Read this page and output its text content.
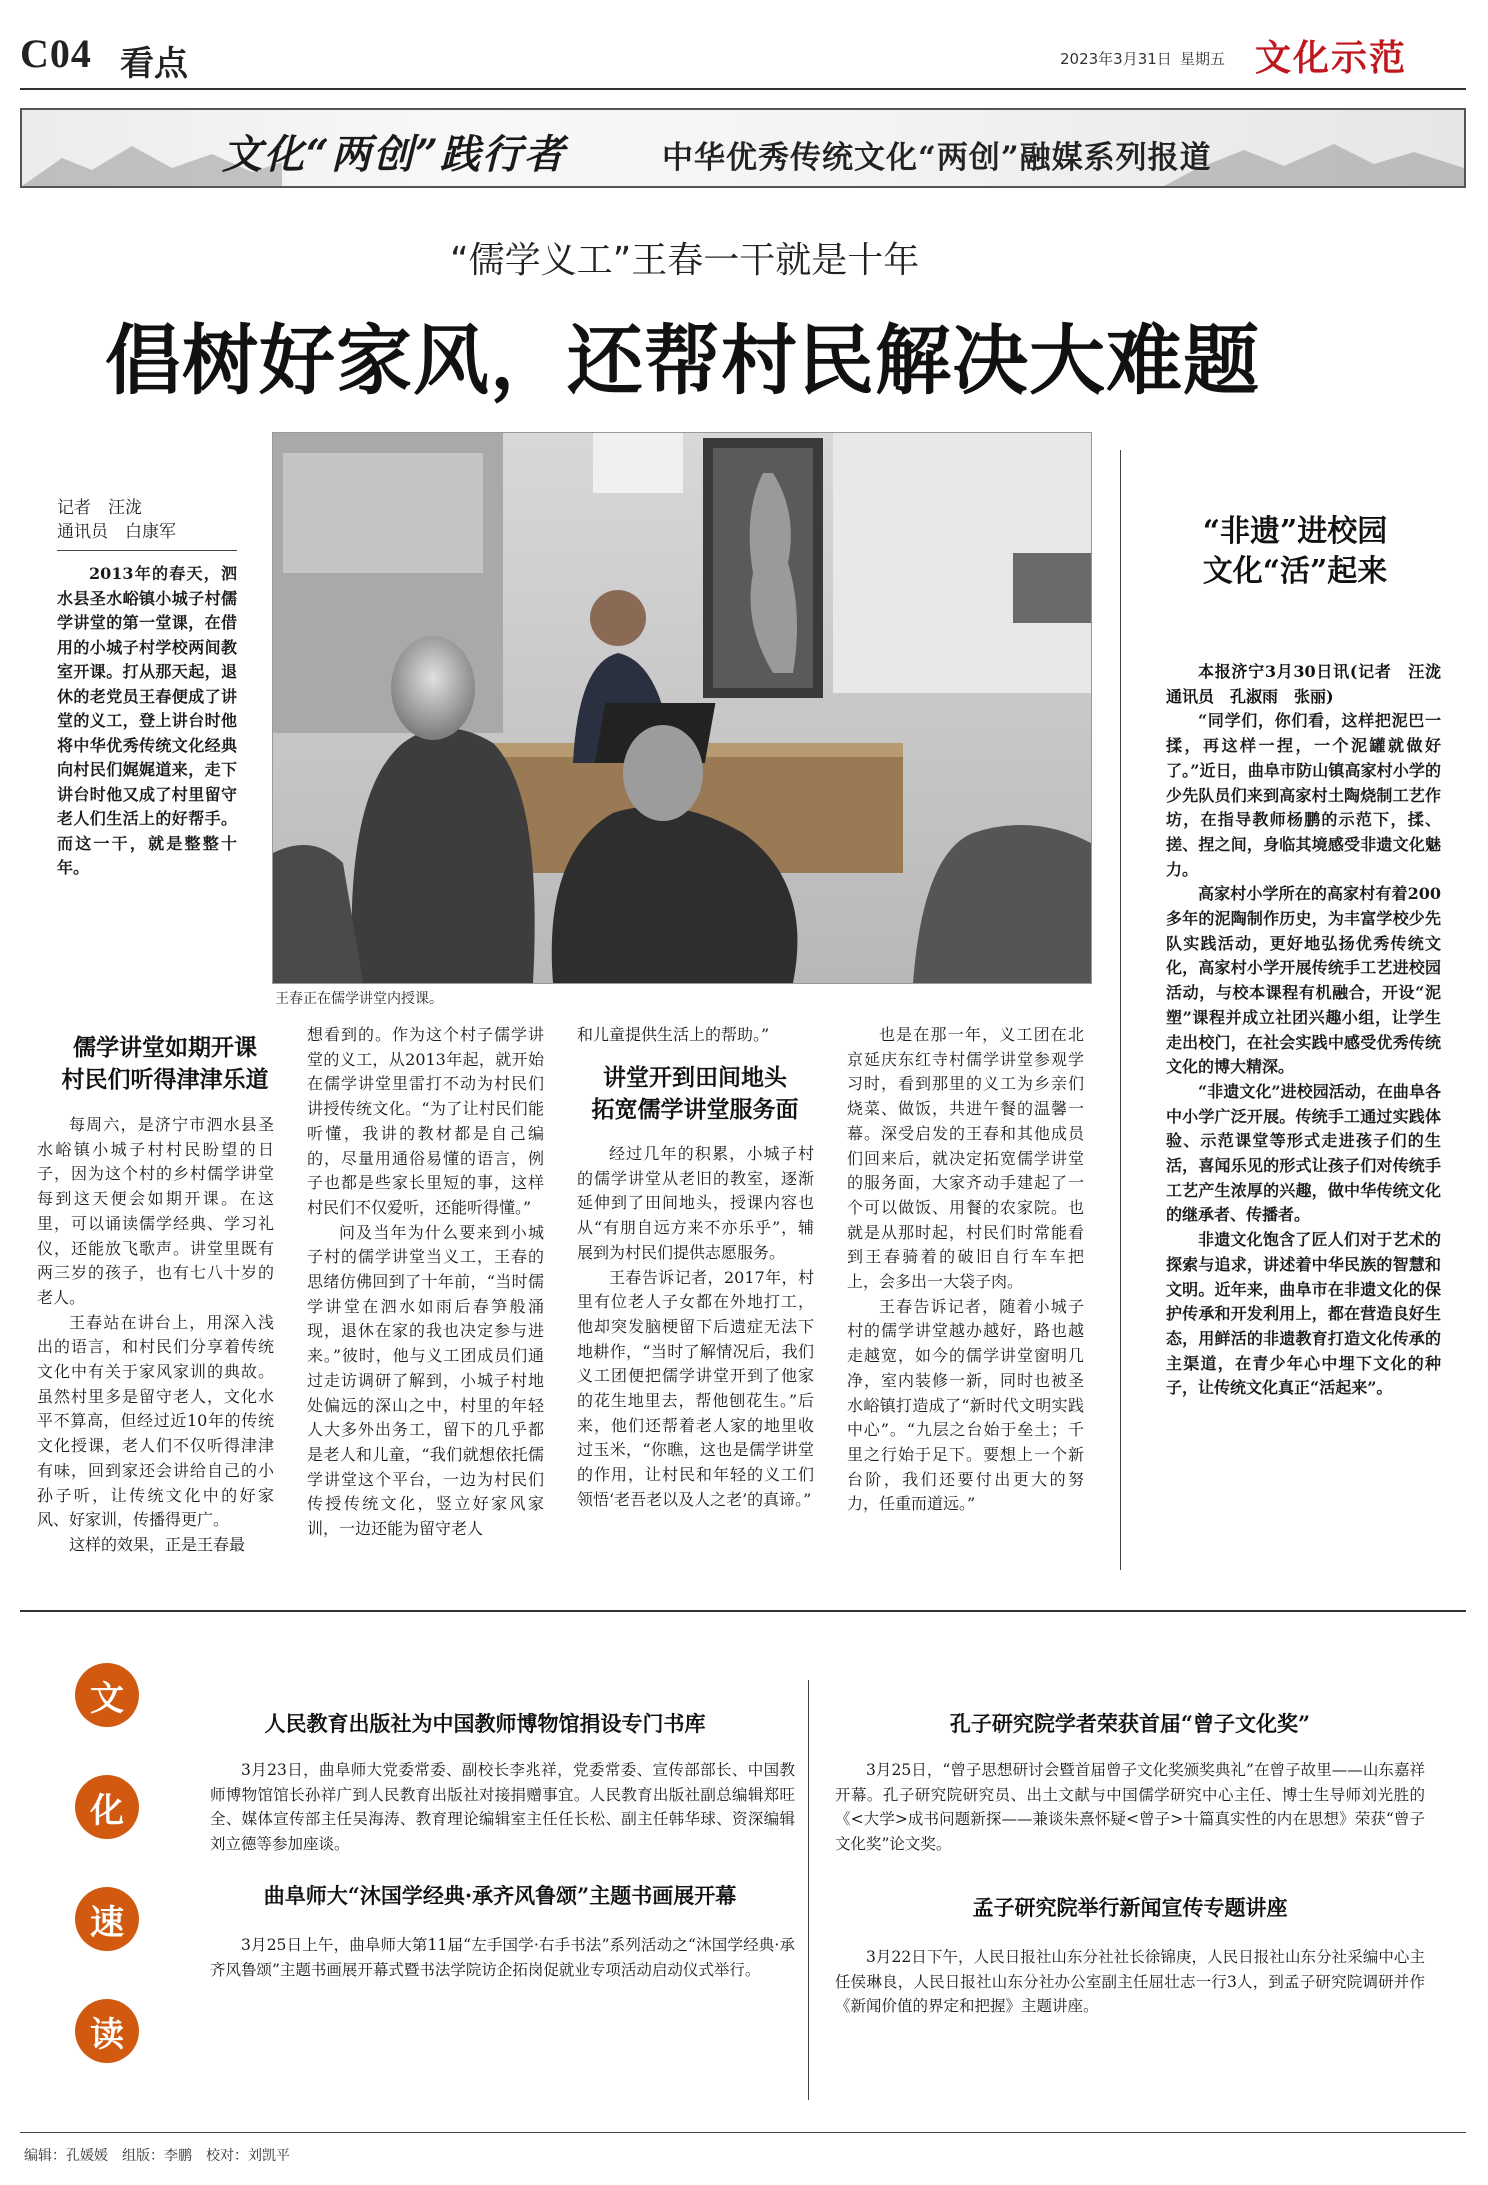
C04 看点	2023年3月31日 星期五 文化示范
文化“两创”践行者	中华优秀传统文化“两创”融媒系列报道
“儒学义工”王春一干就是十年
倡树好家风，还帮村民解决大难题
记者　汪泷
通讯员　白康军
2013年的春天，泗水县圣水峪镇小城子村儒学讲堂的第一堂课，在借用的小城子村学校两间教室开课。打从那天起，退休的老党员王春便成了讲堂的义工，登上讲台时他将中华优秀传统文化经典向村民们娓娓道来，走下讲台时他又成了村里留守老人们生活上的好帮手。而这一干，就是整整十年。
王春正在儒学讲堂内授课。
儒学讲堂如期开课
村民们听得津津乐道

每周六，是济宁市泗水县圣水峪镇小城子村村民盼望的日子，因为这个村的乡村儒学讲堂每到这天便会如期开课。在这里，可以诵读儒学经典、学习礼仪，还能放飞歌声。讲堂里既有两三岁的孩子，也有七八十岁的老人。

王春站在讲台上，用深入浅出的语言，和村民们分享着传统文化中有关于家风家训的典故。虽然村里多是留守老人，文化水平不算高，但经过近10年的传统文化授课，老人们不仅听得津津有味，回到家还会讲给自己的小孙子听，让传统文化中的好家风、好家训，传播得更广。

这样的效果，正是王春最

想看到的。作为这个村子儒学讲堂的义工，从2013年起，就开始在儒学讲堂里雷打不动为村民们讲授传统文化。“为了让村民们能听懂，我讲的教材都是自己编的，尽量用通俗易懂的语言，例子也都是些家长里短的事，这样村民们不仅爱听，还能听得懂。”

问及当年为什么要来到小城子村的儒学讲堂当义工，王春的思绪仿佛回到了十年前，“当时儒学讲堂在泗水如雨后春笋般涌现，退休在家的我也决定参与进来。”彼时，他与义工团成员们通过走访调研了解到，小城子村地处偏远的深山之中，村里的年轻人大多外出务工，留下的几乎都是老人和儿童，“我们就想依托儒学讲堂这个平台，一边为村民们传授传统文化，竖立好家风家训，一边还能为留守老人

和儿童提供生活上的帮助。”

讲堂开到田间地头
拓宽儒学讲堂服务面

经过几年的积累，小城子村的儒学讲堂从老旧的教室，逐渐延伸到了田间地头，授课内容也从“有朋自远方来不亦乐乎”，辅展到为村民们提供志愿服务。

王春告诉记者，2017年，村里有位老人子女都在外地打工，他却突发脑梗留下后遗症无法下地耕作，“当时了解情况后，我们义工团便把儒学讲堂开到了他家的花生地里去，帮他刨花生。”后来，他们还帮着老人家的地里收过玉米，“你瞧，这也是儒学讲堂的作用，让村民和年轻的义工们领悟‘老吾老以及人之老’的真谛。”

也是在那一年，义工团在北京延庆东红寺村儒学讲堂参观学习时，看到那里的义工为乡亲们烧菜、做饭，共进午餐的温馨一幕。深受启发的王春和其他成员们回来后，就决定拓宽儒学讲堂的服务面，大家齐动手建起了一个可以做饭、用餐的农家院。也就是从那时起，村民们时常能看到王春骑着的破旧自行车车把上，会多出一大袋子肉。

王春告诉记者，随着小城子村的儒学讲堂越办越好，路也越走越宽，如今的儒学讲堂窗明几净，室内装修一新，同时也被圣水峪镇打造成了“新时代文明实践中心”。“九层之台始于垒土；千里之行始于足下。要想上一个新台阶，我们还要付出更大的努力，任重而道远。”

“非遗”进校园
文化“活”起来
本报济宁3月30日讯(记者　汪泷　通讯员　孔淑雨　张丽)

“同学们，你们看，这样把泥巴一揉，再这样一捏，一个泥罐就做好了。”近日，曲阜市防山镇高家村小学的少先队员们来到高家村土陶烧制工艺作坊，在指导教师杨鹏的示范下，揉、搓、捏之间，身临其境感受非遗文化魅力。

高家村小学所在的高家村有着200多年的泥陶制作历史，为丰富学校少先队实践活动，更好地弘扬优秀传统文化，高家村小学开展传统手工艺进校园活动，与校本课程有机融合，开设“泥塑”课程并成立社团兴趣小组，让学生走出校门，在社会实践中感受优秀传统文化的博大精深。

“非遗文化”进校园活动，在曲阜各中小学广泛开展。传统手工通过实践体验、示范课堂等形式走进孩子们的生活，喜闻乐见的形式让孩子们对传统手工艺产生浓厚的兴趣，做中华传统文化的继承者、传播者。

非遗文化饱含了匠人们对于艺术的探索与追求，讲述着中华民族的智慧和文明。近年来，曲阜市在非遗文化的保护传承和开发利用上，都在营造良好生态，用鲜活的非遗教育打造文化传承的主渠道，在青少年心中埋下文化的种子，让传统文化真正“活起来”。

文
化
速
读
人民教育出版社为中国教师博物馆捐设专门书库

3月23日，曲阜师大党委常委、副校长李兆祥，党委常委、宣传部部长、中国教师博物馆馆长孙祥广到人民教育出版社对接捐赠事宜。人民教育出版社副总编辑郑旺全、媒体宣传部主任吴海涛、教育理论编辑室主任任长松、副主任韩华球、资深编辑刘立德等参加座谈。

曲阜师大“沐国学经典·承齐风鲁颂”主题书画展开幕

3月25日上午，曲阜师大第11届“左手国学·右手书法”系列活动之“沐国学经典·承齐风鲁颂”主题书画展开幕式暨书法学院访企拓岗促就业专项活动启动仪式举行。

孔子研究院学者荣获首届“曾子文化奖”

3月25日，“曾子思想研讨会暨首届曾子文化奖颁奖典礼”在曾子故里——山东嘉祥开幕。孔子研究院研究员、出土文献与中国儒学研究中心主任、博士生导师刘光胜的《<大学>成书问题新探——兼谈朱熹怀疑<曾子>十篇真实性的内在思想》荣获“曾子文化奖”论文奖。

孟子研究院举行新闻宣传专题讲座

3月22日下午，人民日报社山东分社社长徐锦庚，人民日报社山东分社采编中心主任侯琳良，人民日报社山东分社办公室副主任屈壮志一行3人，到孟子研究院调研并作《新闻价值的界定和把握》主题讲座。

编辑：孔媛媛　组版：李鹏　校对：刘凯平
